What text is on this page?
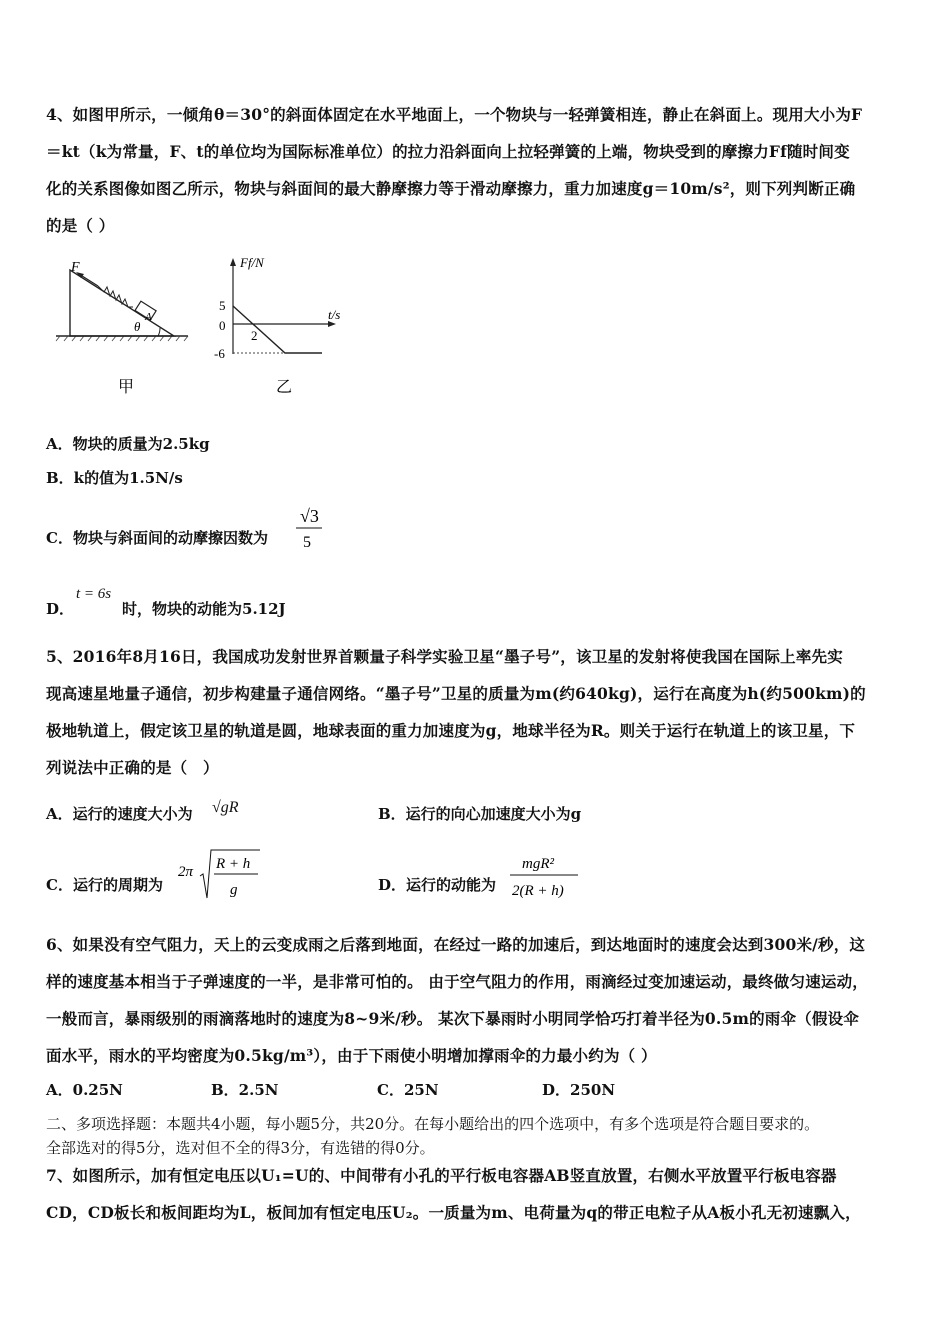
4、如图甲所示，一倾角θ＝30°的斜面体固定在水平地面上，一个物块与一轻弹簧相连，静止在斜面上。现用大小为F
＝kt（k为常量，F、t的单位均为国际标准单位）的拉力沿斜面向上拉轻弹簧的上端，物块受到的摩擦力Ff随时间变
化的关系图像如图乙所示，物块与斜面间的最大静摩擦力等于滑动摩擦力，重力加速度g＝10m/s²，则下列判断正确
的是（ ）
F
A
θ
甲
Ff/N
t/s
5
0
-6
2
乙
A．物块的质量为2.5kg
B．k的值为1.5N/s
C．物块与斜面间的动摩擦因数为
√3
5
D．
t = 6s
时，物块的动能为5.12J
5、2016年8月16日，我国成功发射世界首颗量子科学实验卫星“墨子号”，该卫星的发射将使我国在国际上率先实
现高速星地量子通信，初步构建量子通信网络。“墨子号”卫星的质量为m(约640kg)，运行在高度为h(约500km)的
极地轨道上，假定该卫星的轨道是圆，地球表面的重力加速度为g，地球半径为R。则关于运行在轨道上的该卫星，下
列说法中正确的是（　）
A．运行的速度大小为 √gR	B．运行的向心加速度大小为g
C．运行的周期为
2π R + h
g	D．运行的动能为
mgR²
2(R + h)
6、如果没有空气阻力，天上的云变成雨之后落到地面，在经过一路的加速后，到达地面时的速度会达到300米/秒，这
样的速度基本相当于子弹速度的一半，是非常可怕的。 由于空气阻力的作用，雨滴经过变加速运动，最终做匀速运动，
一般而言，暴雨级别的雨滴落地时的速度为8~9米/秒。 某次下暴雨时小明同学恰巧打着半径为0.5m的雨伞（假设伞
面水平，雨水的平均密度为0.5kg/m³），由于下雨使小明增加撑雨伞的力最小约为（ ）
A．0.25N	B．2.5N	C．25N	D．250N
二、多项选择题：本题共4小题，每小题5分，共20分。在每小题给出的四个选项中，有多个选项是符合题目要求的。
全部选对的得5分，选对但不全的得3分，有选错的得0分。
7、如图所示，加有恒定电压以U₁=U的、中间带有小孔的平行板电容器AB竖直放置，右侧水平放置平行板电容器
CD，CD板长和板间距均为L，板间加有恒定电压U₂。一质量为m、电荷量为q的带正电粒子从A板小孔无初速飘入，
